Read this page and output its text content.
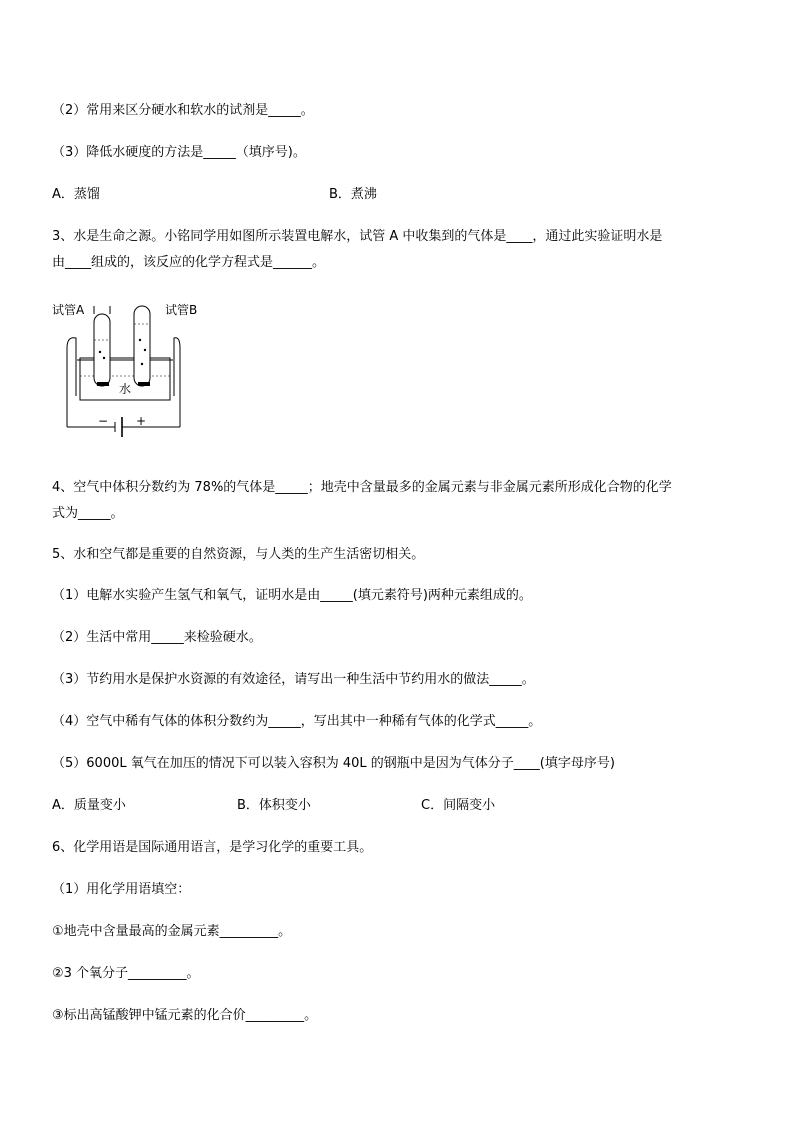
（2）常用来区分硬水和软水的试剂是_____。
（3）降低水硬度的方法是_____（填序号)。
A．蒸馏	B．煮沸
3、水是生命之源。小铭同学用如图所示装置电解水，试管 A 中收集到的气体是____，通过此实验证明水是
由____组成的，该反应的化学方程式是______。
试管A	试管B
水
− +
4、空气中体积分数约为 78%的气体是_____；地壳中含量最多的金属元素与非金属元素所形成化合物的化学
式为_____。
5、水和空气都是重要的自然资源，与人类的生产生活密切相关。
（1）电解水实验产生氢气和氧气，证明水是由_____(填元素符号)两种元素组成的。
（2）生活中常用_____来检验硬水。
（3）节约用水是保护水资源的有效途径，请写出一种生活中节约用水的做法_____。
（4）空气中稀有气体的体积分数约为_____，写出其中一种稀有气体的化学式_____。
（5）6000L 氧气在加压的情况下可以装入容积为 40L 的钢瓶中是因为气体分子____(填字母序号)
A．质量变小	B．体积变小	C．间隔变小
6、化学用语是国际通用语言，是学习化学的重要工具。
（1）用化学用语填空：
①地壳中含量最高的金属元素_________。
②3 个氧分子_________。
③标出高锰酸钾中锰元素的化合价_________。
